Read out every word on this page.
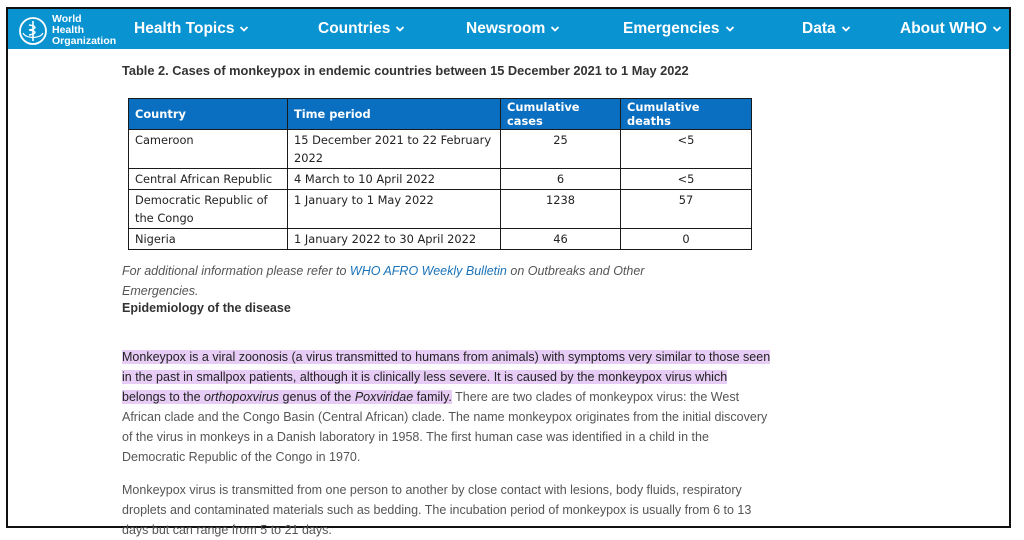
World Health Organization
Health Topics	Countries	Newsroom	Emergencies	Data	About WHO
Table 2. Cases of monkeypox in endemic countries between 15 December 2021 to 1 May 2022
Country	Time period	Cumulative cases	Cumulative deaths
Cameroon	15 December 2021 to 22 February 2022	25	<5
Central African Republic	4 March to 10 April 2022	6	<5
Democratic Republic of the Congo	1 January to 1 May 2022	1238	57
Nigeria	1 January 2022 to 30 April 2022	46	0

For additional information please refer to WHO AFRO Weekly Bulletin on Outbreaks and Other Emergencies.

Epidemiology of the disease

Monkeypox is a viral zoonosis (a virus transmitted to humans from animals) with symptoms very similar to those seen in the past in smallpox patients, although it is clinically less severe. It is caused by the monkeypox virus which belongs to the orthopoxvirus genus of the Poxviridae family. There are two clades of monkeypox virus: the West African clade and the Congo Basin (Central African) clade. The name monkeypox originates from the initial discovery of the virus in monkeys in a Danish laboratory in 1958. The first human case was identified in a child in the Democratic Republic of the Congo in 1970.

Monkeypox virus is transmitted from one person to another by close contact with lesions, body fluids, respiratory droplets and contaminated materials such as bedding. The incubation period of monkeypox is usually from 6 to 13 days but can range from 5 to 21 days.
